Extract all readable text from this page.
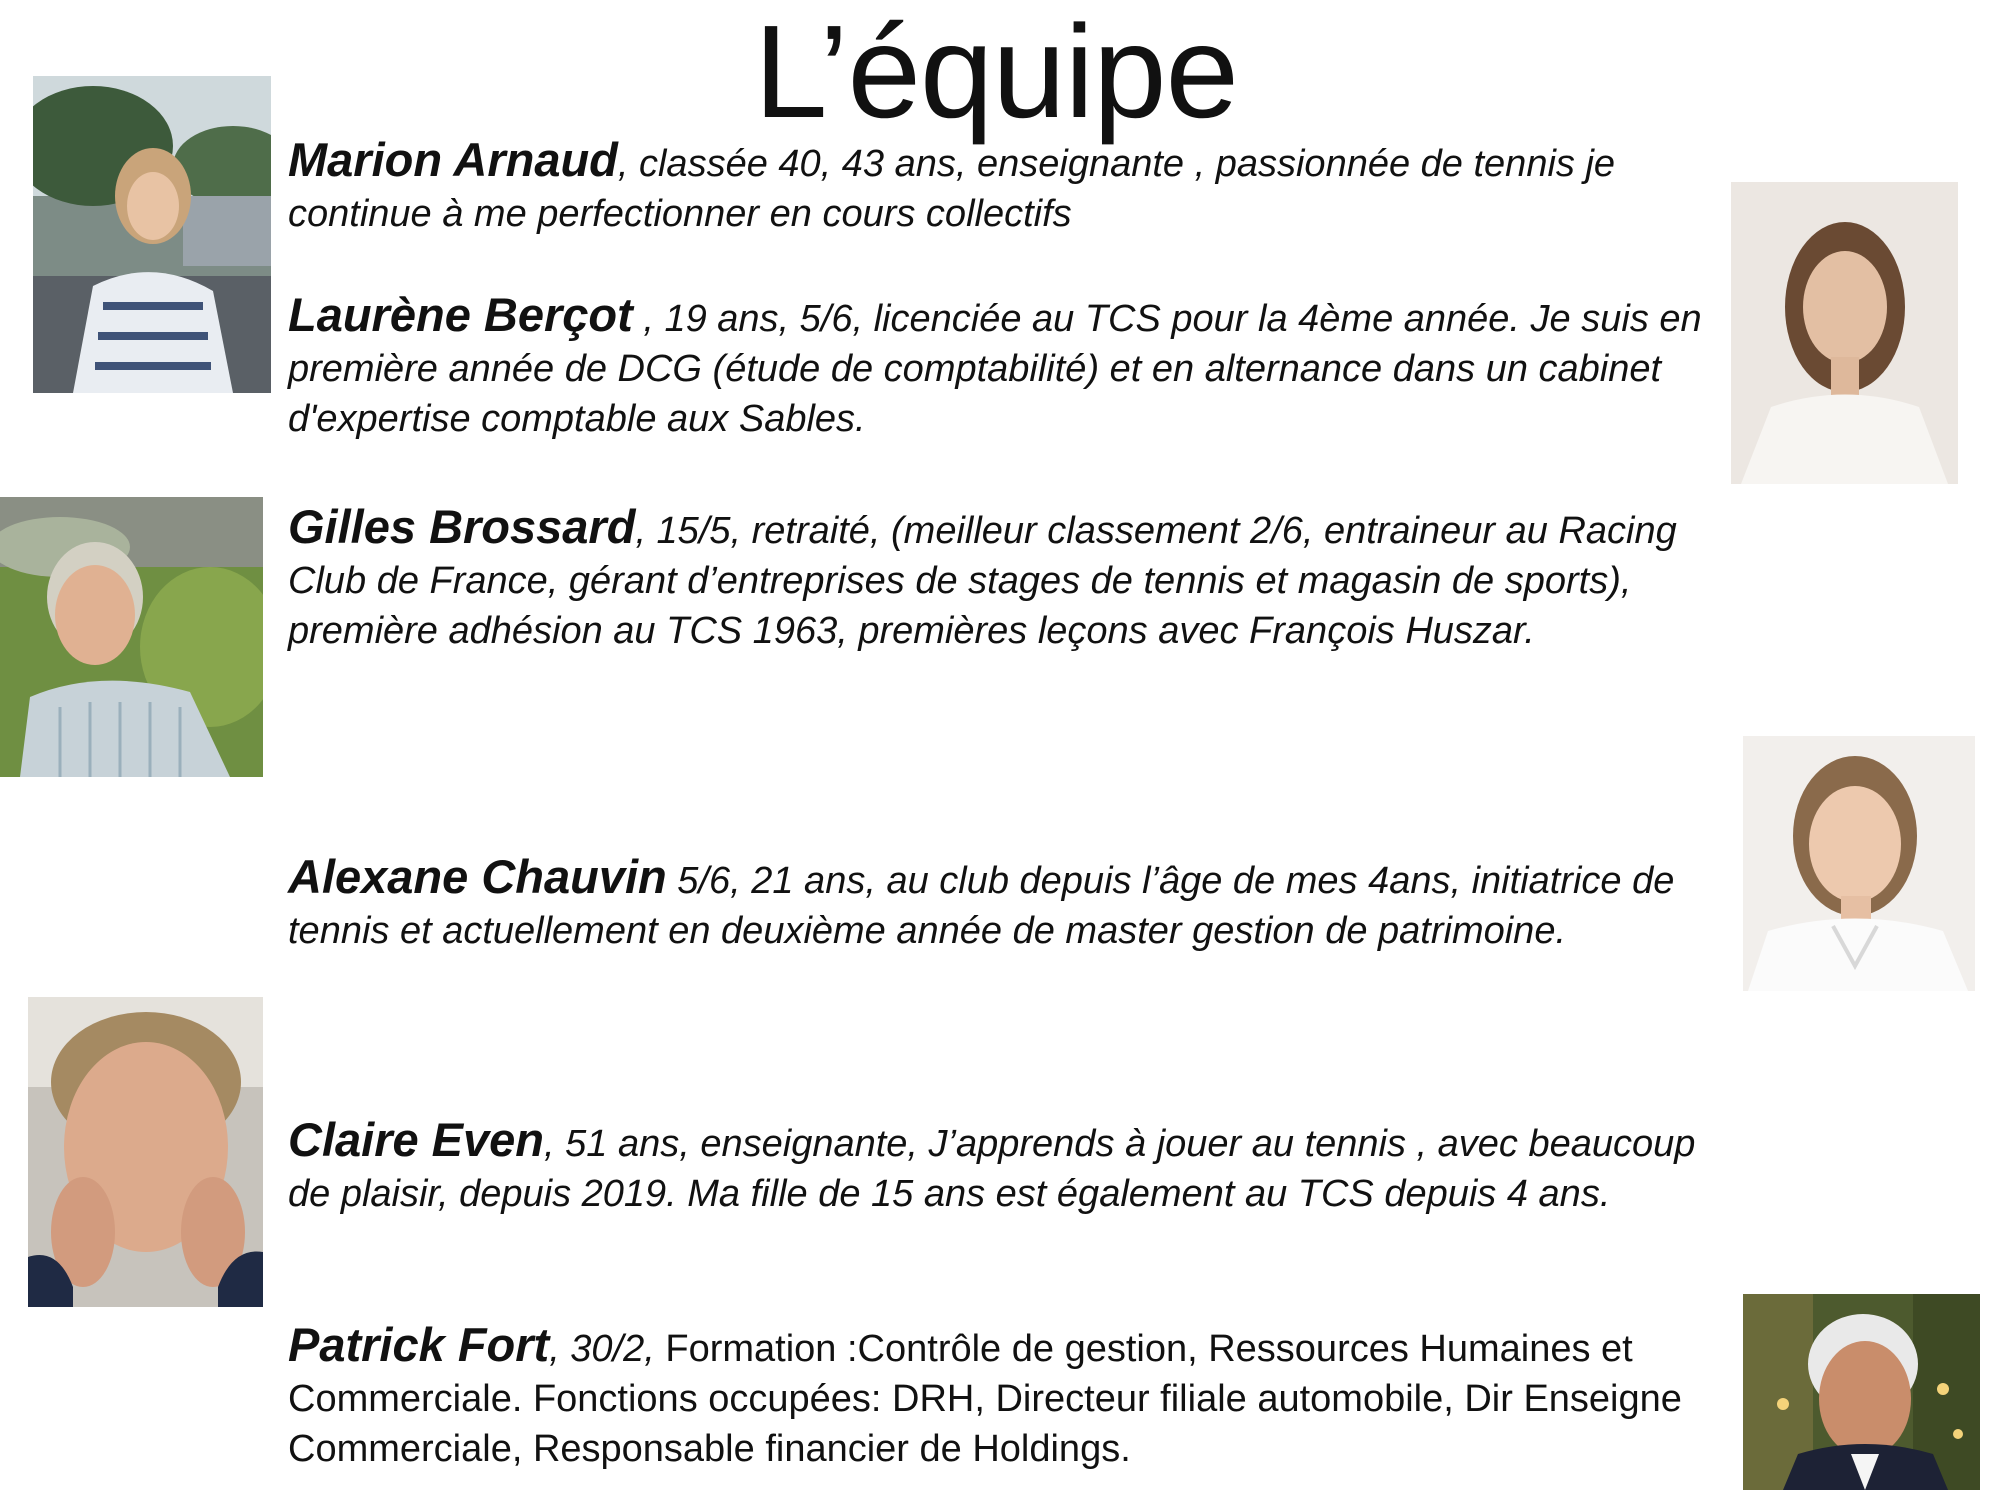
L’équipe
Marion Arnaud, classée 40, 43 ans, enseignante , passionnée de tennis je continue à me perfectionner en cours collectifs
Laurène Berçot , 19 ans, 5/6, licenciée au TCS pour la 4ème année. Je suis en première année de DCG (étude de comptabilité) et en alternance dans un cabinet d'expertise comptable aux Sables.
Gilles Brossard, 15/5, retraité, (meilleur classement 2/6, entraineur au Racing Club de France, gérant d’entreprises de stages de tennis et magasin de sports), première adhésion au TCS 1963, premières leçons avec François Huszar.
Alexane Chauvin 5/6, 21 ans, au club depuis l’âge de mes 4ans, initiatrice de tennis et actuellement en deuxième année de master gestion de patrimoine.
Claire Even, 51 ans, enseignante, J’apprends à jouer au tennis , avec beaucoup de plaisir, depuis 2019. Ma fille de 15 ans est également au TCS depuis 4 ans.
Patrick Fort, 30/2, Formation :Contrôle de gestion, Ressources Humaines et Commerciale. Fonctions occupées: DRH, Directeur filiale automobile, Dir Enseigne Commerciale, Responsable financier de Holdings.
